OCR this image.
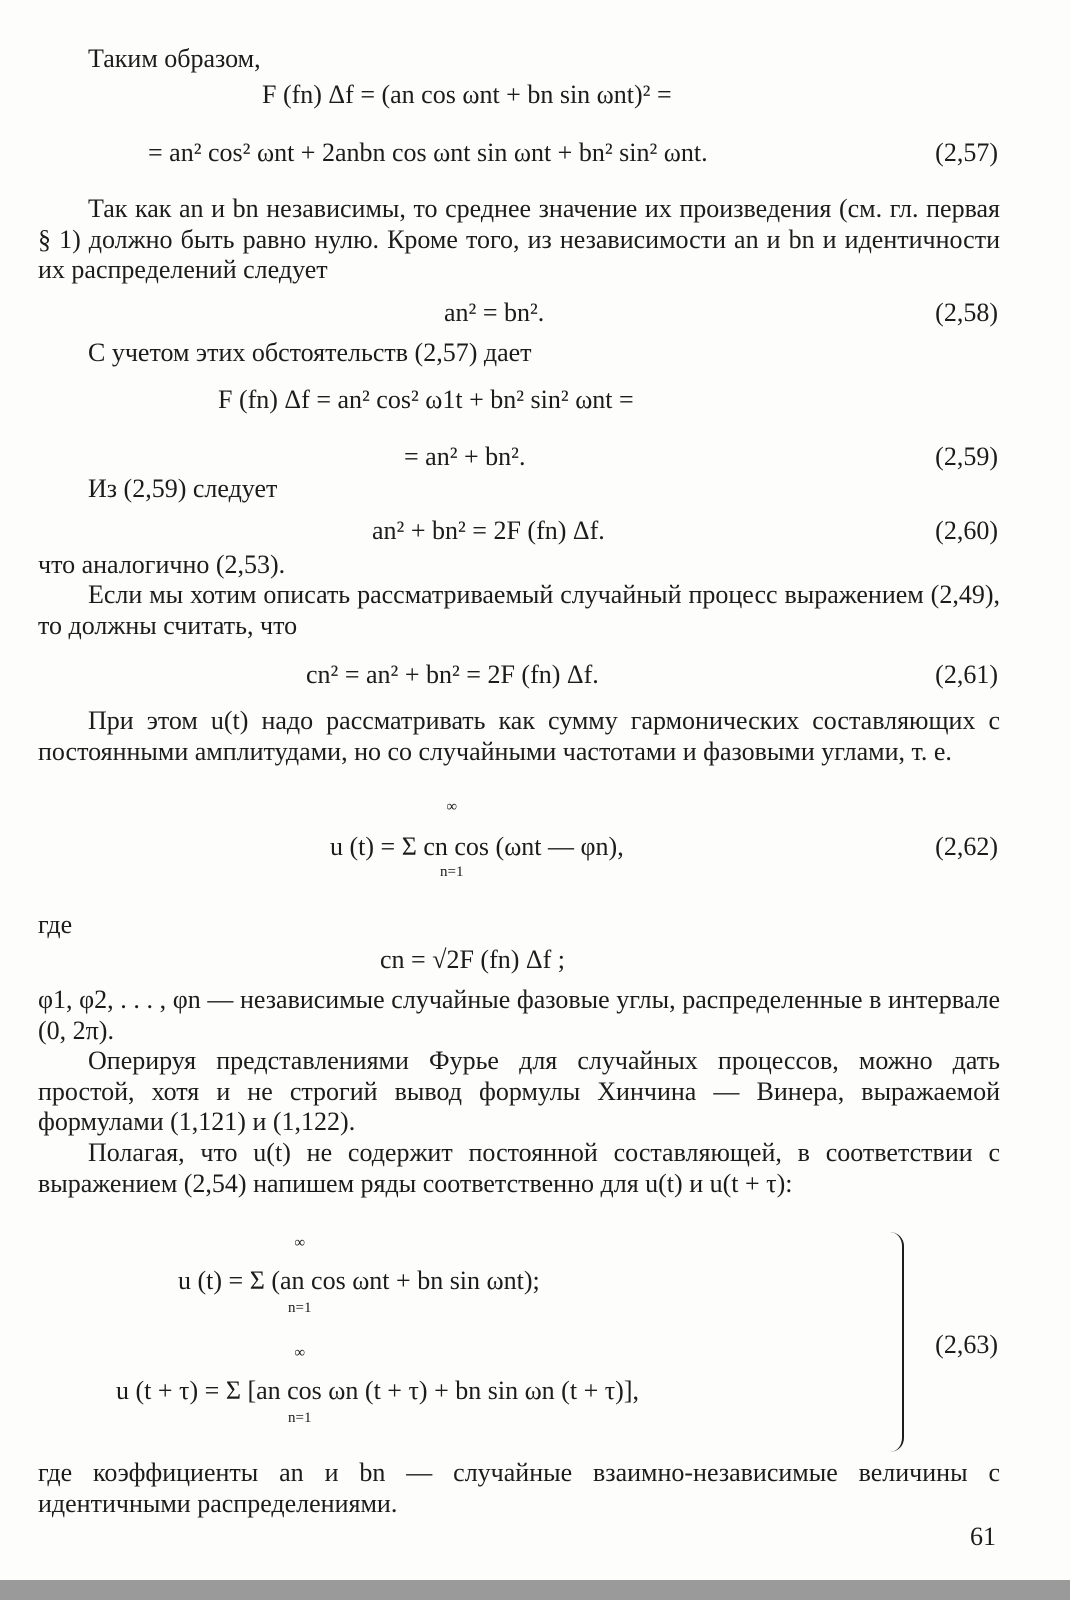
Таким образом,

F (fn) Δf = (an cos ωnt + bn sin ωnt)² =
= an² cos² ωnt + 2anbn cos ωnt sin ωnt + bn² sin² ωnt.	(2,57)

Так как an и bn независимы, то среднее значение их произведения (см. гл. первая § 1) должно быть равно нулю. Кроме того, из независимости an и bn и идентичности их распределений следует

an² = bn².	(2,58)

С учетом этих обстоятельств (2,57) дает

F (fn) Δf = an² cos² ω1t + bn² sin² ωnt =
= an² + bn².	(2,59)

Из (2,59) следует

an² + bn² = 2F (fn) Δf.	(2,60)

что аналогично (2,53).

Если мы хотим описать рассматриваемый случайный процесс выражением (2,49), то должны считать, что

cn² = an² + bn² = 2F (fn) Δf.	(2,61)

При этом u(t) надо рассматривать как сумму гармонических составляющих с постоянными амплитудами, но со случайными частотами и фазовыми углами, т. е.

u (t) = Σ cn cos (ωnt — φn),
∞
n=1
(2,62)

где

cn = √2F (fn) Δf ;

φ1, φ2, . . . , φn — независимые случайные фазовые углы, распределенные в интервале (0, 2π).

Оперируя представлениями Фурье для случайных процессов, можно дать простой, хотя и не строгий вывод формулы Хинчина — Винера, выражаемой формулами (1,121) и (1,122).

Полагая, что u(t) не содержит постоянной составляющей, в соответствии с выражением (2,54) напишем ряды соответственно для u(t) и u(t + τ):

u (t) = Σ (an cos ωnt + bn sin ωnt);
∞
n=1
u (t + τ) = Σ [an cos ωn (t + τ) + bn sin ωn (t + τ)],
∞
n=1
(2,63)

где коэффициенты an и bn — случайные взаимно-независимые величины с идентичными распределениями.

61
